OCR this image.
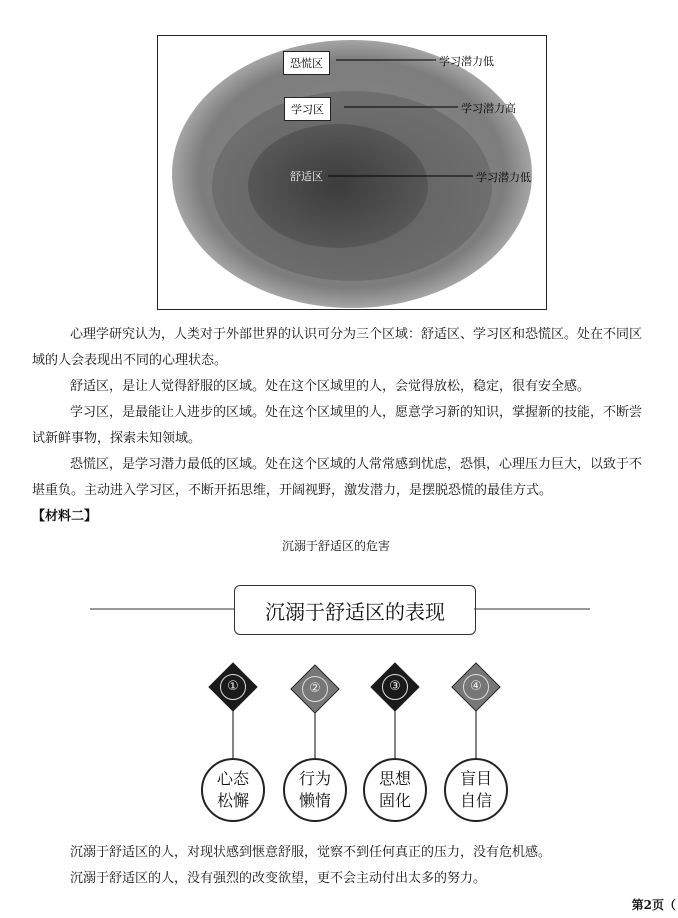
恐慌区	学习潜力低
学习区	学习潜力高
舒适区	学习潜力低

心理学研究认为，人类对于外部世界的认识可分为三个区域：舒适区、学习区和恐慌区。处在不同区域的人会表现出不同的心理状态。

舒适区，是让人觉得舒服的区域。处在这个区域里的人，会觉得放松，稳定，很有安全感。

学习区，是最能让人进步的区域。处在这个区域里的人，愿意学习新的知识，掌握新的技能，不断尝试新鲜事物，探索未知领域。

恐慌区，是学习潜力最低的区域。处在这个区域的人常常感到忧虑，恐惧，心理压力巨大，以致于不堪重负。主动进入学习区，不断开拓思维，开阔视野，激发潜力，是摆脱恐慌的最佳方式。

【材料二】
沉溺于舒适区的危害
沉溺于舒适区的表现
①	②	③	④
心态
松懈
行为
懒惰
思想
固化
盲目
自信

沉溺于舒适区的人，对现状感到惬意舒服，觉察不到任何真正的压力，没有危机感。

沉溺于舒适区的人，没有强烈的改变欲望，更不会主动付出太多的努力。

第2页（
